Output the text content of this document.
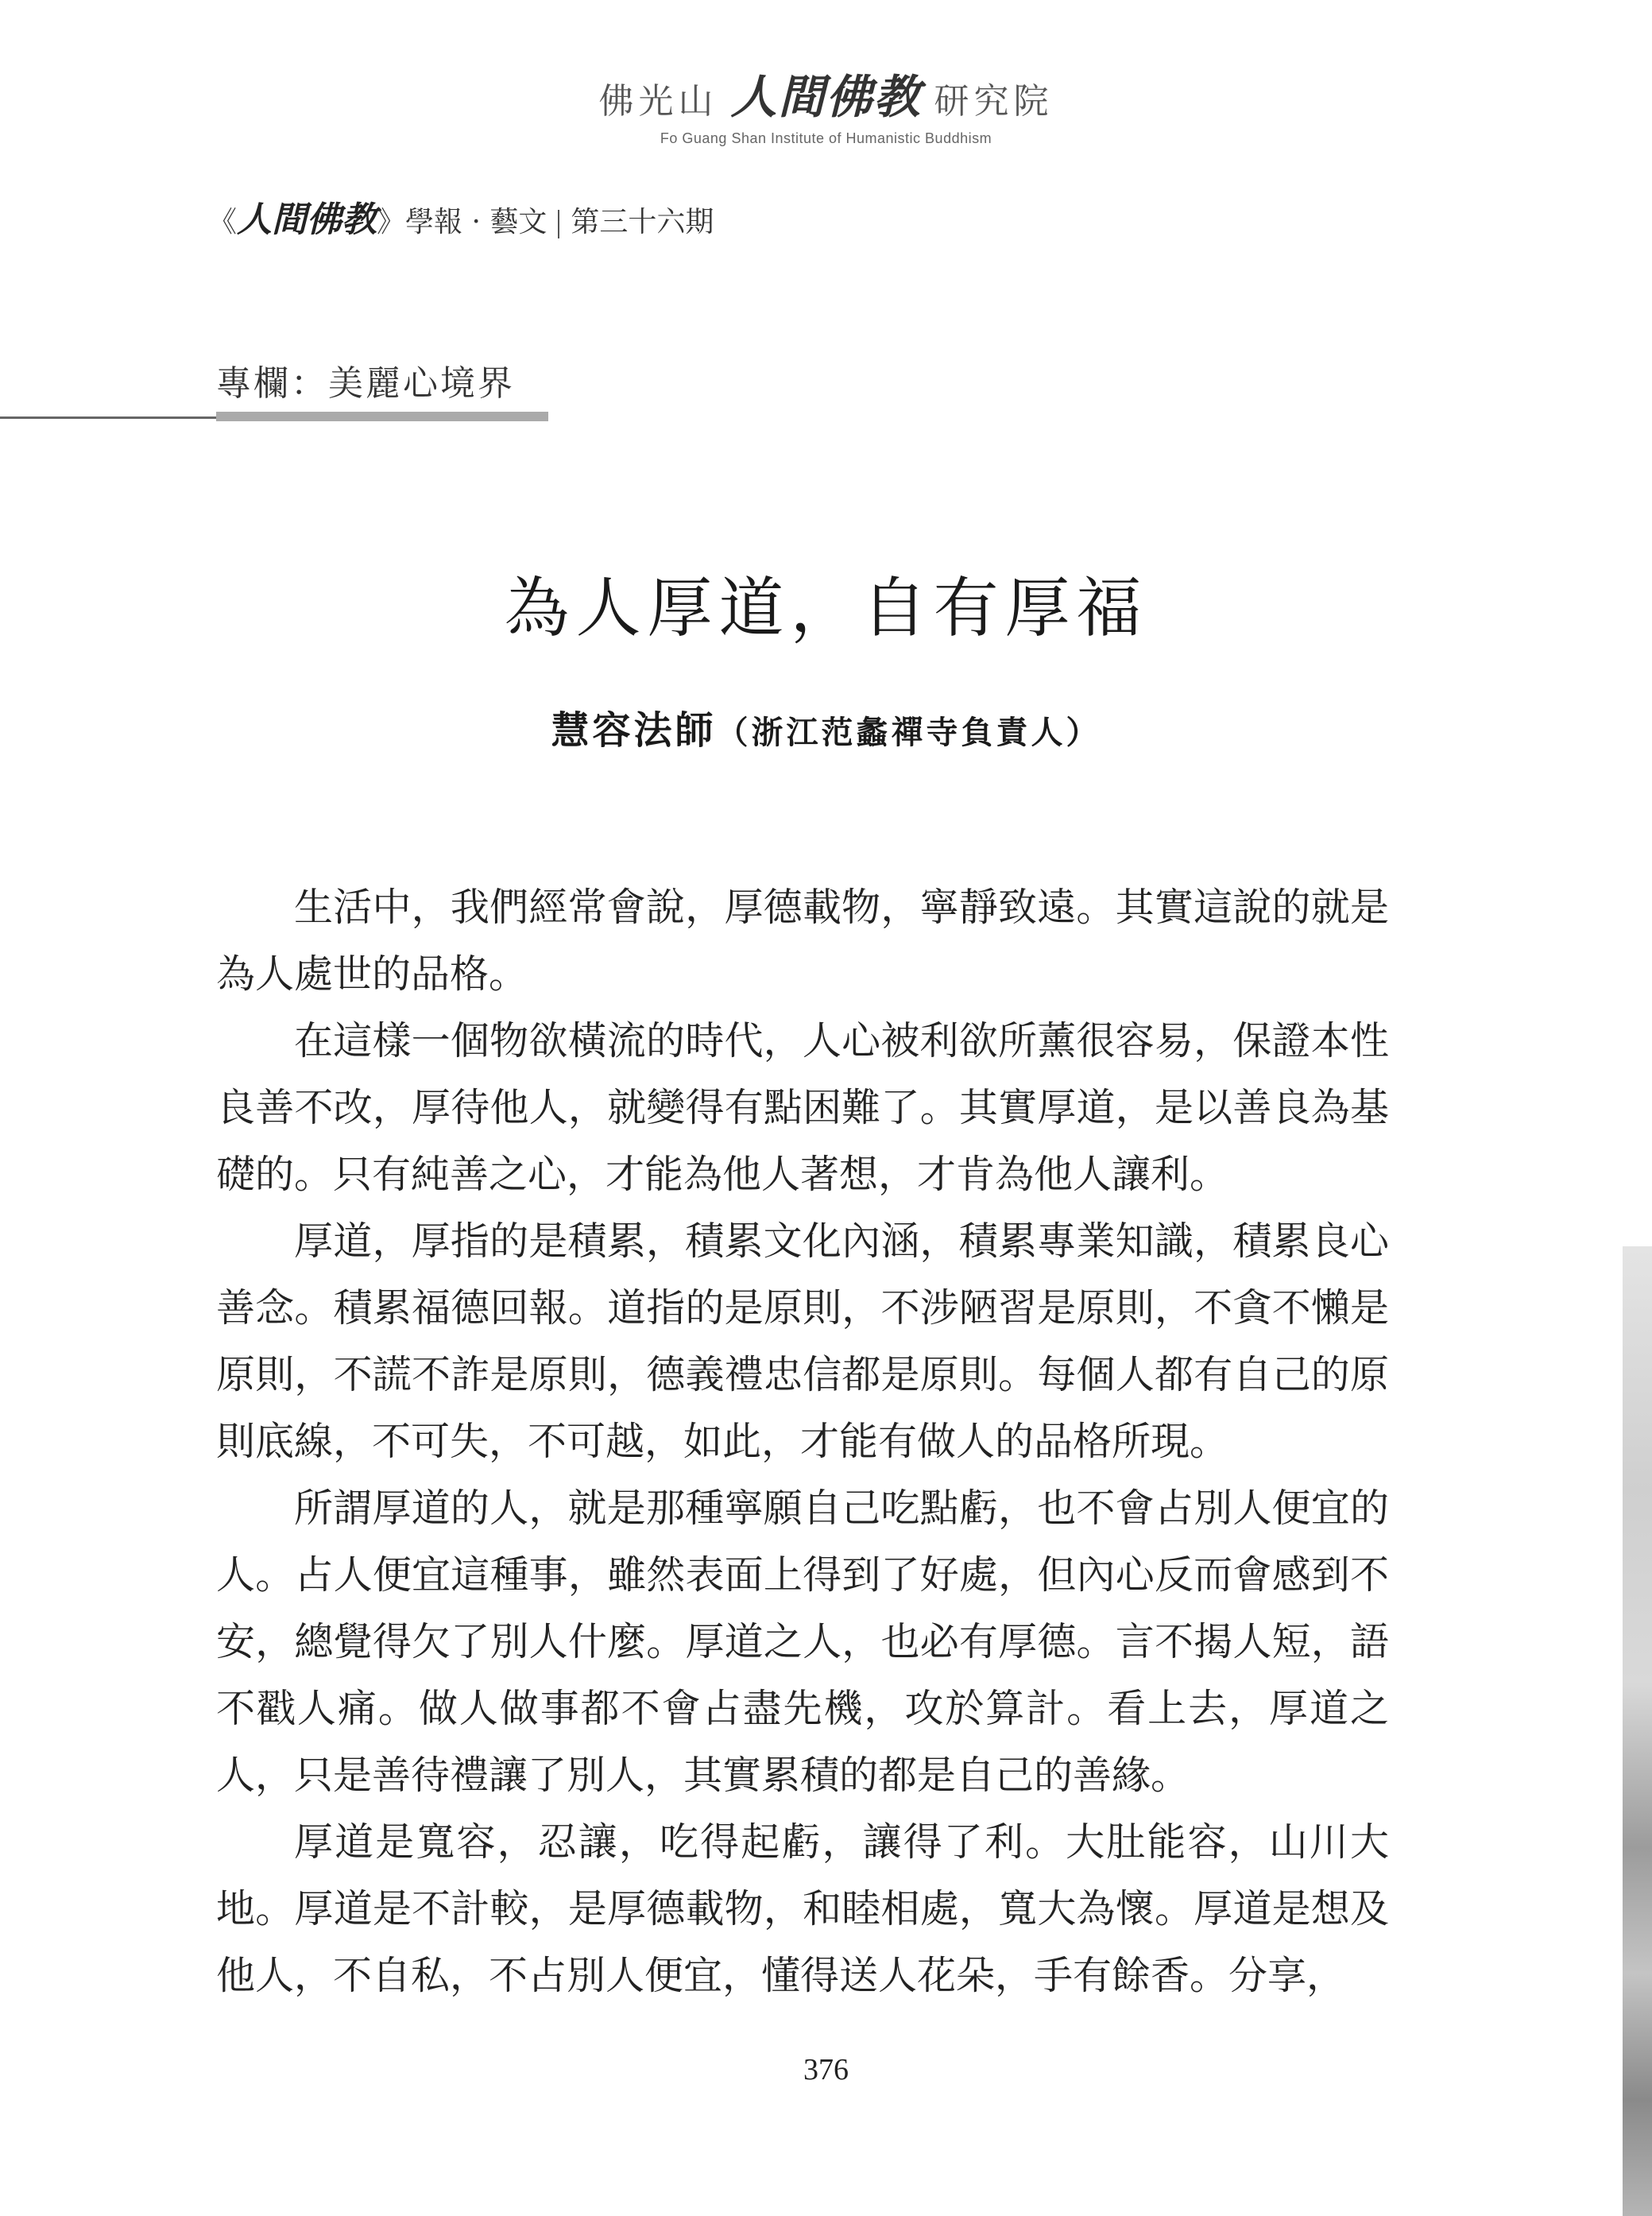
佛光山 人間佛教 研究院
Fo Guang Shan Institute of Humanistic Buddhism
《人間佛教》學報 · 藝文 第三十六期
專欄：美麗心境界
為人厚道，自有厚福
慧容法師（浙江范蠡禪寺負責人）

生活中，我們經常會說，厚德載物，寧靜致遠。其實這說的就是為人處世的品格。

在這樣一個物欲橫流的時代，人心被利欲所薰很容易，保證本性良善不改，厚待他人，就變得有點困難了。其實厚道，是以善良為基礎的。只有純善之心，才能為他人著想，才肯為他人讓利。

厚道，厚指的是積累，積累文化內涵，積累專業知識，積累良心善念。積累福德回報。道指的是原則，不涉陋習是原則，不貪不懶是原則，不謊不詐是原則，德義禮忠信都是原則。每個人都有自己的原則底線，不可失，不可越，如此，才能有做人的品格所現。

所謂厚道的人，就是那種寧願自己吃點虧，也不會占別人便宜的人。占人便宜這種事，雖然表面上得到了好處，但內心反而會感到不安，總覺得欠了別人什麼。厚道之人，也必有厚德。言不揭人短，語不戳人痛。做人做事都不會占盡先機，攻於算計。看上去，厚道之人，只是善待禮讓了別人，其實累積的都是自己的善緣。

厚道是寬容，忍讓，吃得起虧，讓得了利。大肚能容，山川大地。厚道是不計較，是厚德載物，和睦相處，寬大為懷。厚道是想及他人，不自私，不占別人便宜，懂得送人花朵，手有餘香。分享，

376
